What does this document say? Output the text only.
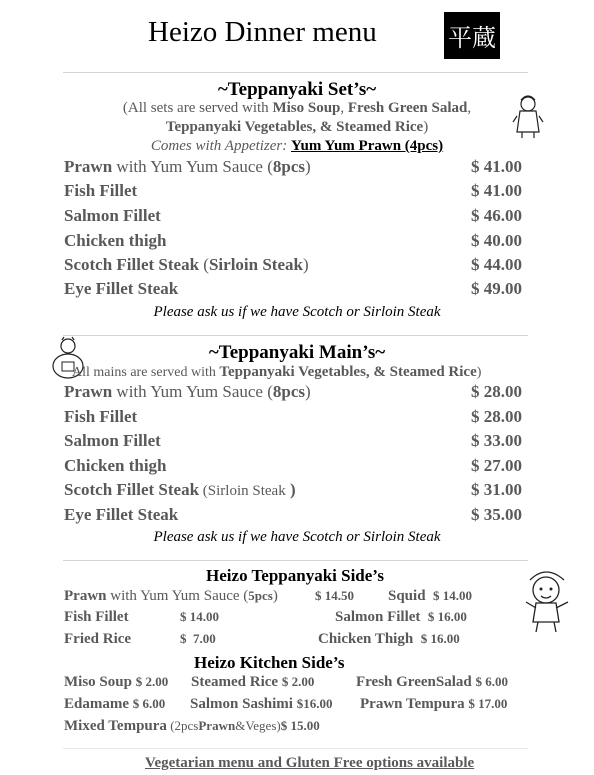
Heizo Dinner menu	平蔵
~Teppanyaki Set’s~
(All sets are served with Miso Soup, Fresh Green Salad,
Teppanyaki Vegetables, & Steamed Rice)
Comes with Appetizer: Yum Yum Prawn (4pcs)
Prawn with Yum Yum Sauce (8pcs)	$ 41.00
Fish Fillet	$ 41.00
Salmon Fillet	$ 46.00
Chicken thigh	$ 40.00
Scotch Fillet Steak (Sirloin Steak)	$ 44.00
Eye Fillet Steak	$ 49.00
Please ask us if we have Scotch or Sirloin Steak
~Teppanyaki Main’s~
All mains are served with Teppanyaki Vegetables, & Steamed Rice)
Prawn with Yum Yum Sauce (8pcs)	$ 28.00
Fish Fillet	$ 28.00
Salmon Fillet	$ 33.00
Chicken thigh	$ 27.00
Scotch Fillet Steak (Sirloin Steak )	$ 31.00
Eye Fillet Steak	$ 35.00
Please ask us if we have Scotch or Sirloin Steak
Heizo Teppanyaki Side’s
Prawn with Yum Yum Sauce (5pcs)	$ 14.50 Squid $ 14.00
Fish Fillet	$ 14.00	Salmon Fillet $ 16.00
Fried Rice	$  7.00	Chicken Thigh $ 16.00
Heizo Kitchen Side’s
Miso Soup $ 2.00 Steamed Rice $ 2.00	Fresh GreenSalad $ 6.00
Edamame $ 6.00 Salmon Sashimi $16.00 Prawn Tempura $ 17.00
Mixed Tempura (2pcsPrawn&Veges)$ 15.00
Vegetarian menu and Gluten Free options available
